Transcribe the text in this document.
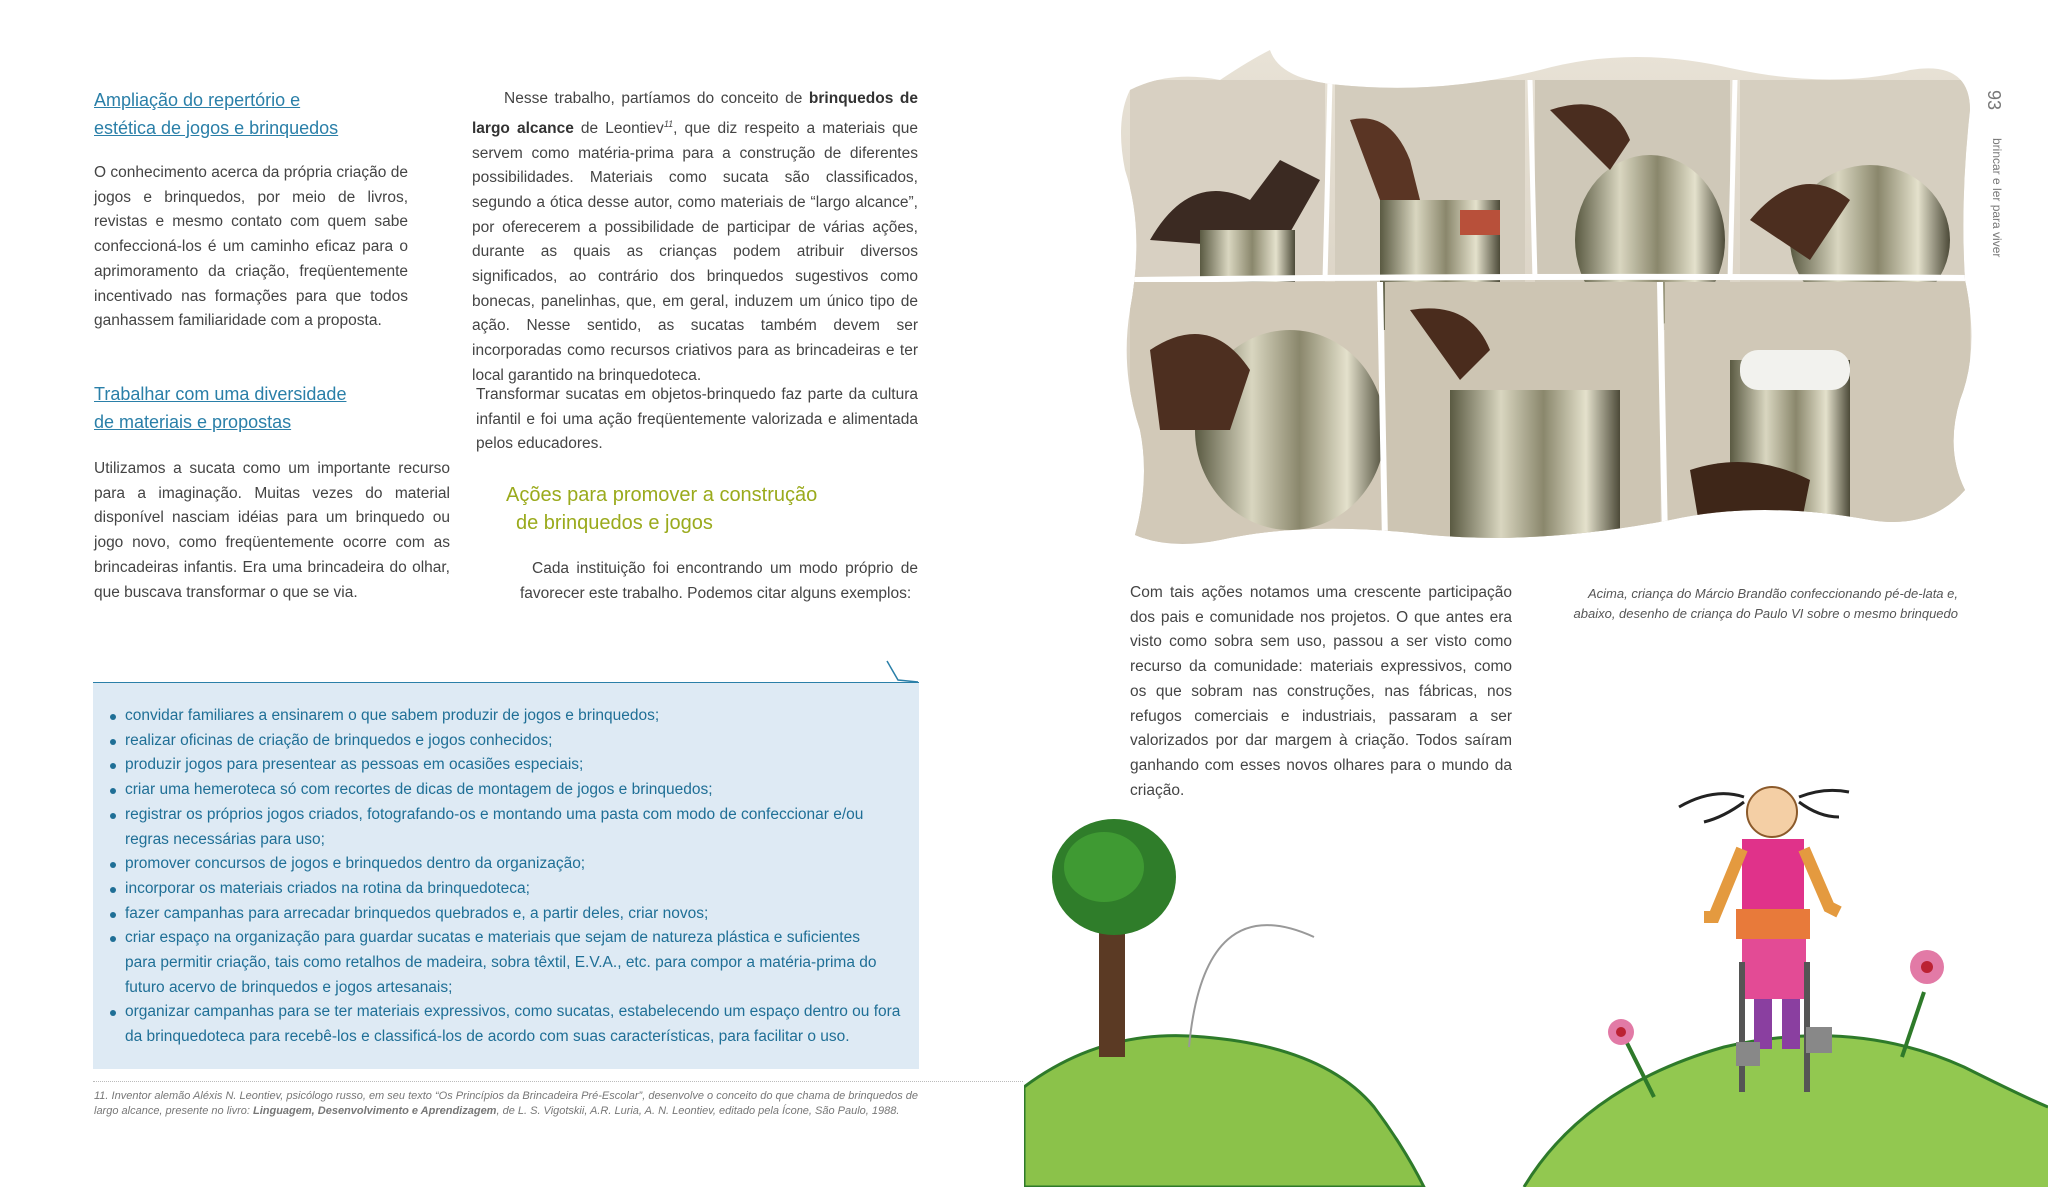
Ampliação do repertório e
estética de jogos e brinquedos
O conhecimento acerca da própria criação de jogos e brinquedos, por meio de livros, revistas e mesmo contato com quem sabe confeccioná-los é um caminho eficaz para o aprimoramento da criação, freqüentemente incentivado nas formações para que todos ganhassem familiaridade com a proposta.
Trabalhar com uma diversidade
de materiais e propostas
Utilizamos a sucata como um importante recurso para a imaginação. Muitas vezes do material disponível nasciam idéias para um brinquedo ou jogo novo, como freqüentemente ocorre com as brincadeiras infantis. Era uma brincadeira do olhar, que buscava transformar o que se via.
Nesse trabalho, partíamos do conceito de brinquedos de largo alcance de Leontiev$^{11}$, que diz respeito a materiais que servem como matéria-prima para a construção de diferentes possibilidades. Materiais como sucata são classificados, segundo a ótica desse autor, como materiais de “largo alcance”, por oferecerem a possibilidade de participar de várias ações, durante as quais as crianças podem atribuir diversos significados, ao contrário dos brinquedos sugestivos como bonecas, panelinhas, que, em geral, induzem um único tipo de ação. Nesse sentido, as sucatas também devem ser incorporadas como recursos criativos para as brincadeiras e ter local garantido na brinquedoteca.
Transformar sucatas em objetos-brinquedo faz parte da cultura infantil e foi uma ação freqüentemente valorizada e alimentada pelos educadores.
Ações para promover a construção
de brinquedos e jogos
Cada instituição foi encontrando um modo próprio de favorecer este trabalho. Podemos citar alguns exemplos:
convidar familiares a ensinarem o que sabem produzir de jogos e brinquedos;
realizar oficinas de criação de brinquedos e jogos conhecidos;
produzir jogos para presentear as pessoas em ocasiões especiais;
criar uma hemeroteca só com recortes de dicas de montagem de jogos e brinquedos;
registrar os próprios jogos criados, fotografando-os e montando uma pasta com modo de confeccionar e/ou regras necessárias para uso;
promover concursos de jogos e brinquedos dentro da organização;
incorporar os materiais criados na rotina da brinquedoteca;
fazer campanhas para arrecadar brinquedos quebrados e, a partir deles, criar novos;
criar espaço na organização para guardar sucatas e materiais que sejam de natureza plástica e suficientes para permitir criação, tais como retalhos de madeira, sobra têxtil, E.V.A., etc. para compor a matéria-prima do futuro acervo de brinquedos e jogos artesanais;
organizar campanhas para se ter materiais expressivos, como sucatas, estabelecendo um espaço dentro ou fora da brinquedoteca para recebê-los e classificá-los de acordo com suas características, para facilitar o uso.
11. Inventor alemão Aléxis N. Leontiev, psicólogo russo, em seu texto “Os Princípios da Brincadeira Pré-Escolar”, desenvolve o conceito do que chama de brinquedos de largo alcance, presente no livro: Linguagem, Desenvolvimento e Aprendizagem, de L. S. Vigotskii, A.R. Luria, A. N. Leontiev, editado pela Ícone, São Paulo, 1988.
93
brincar e ler para viver
Com tais ações notamos uma crescente participação dos pais e comunidade nos projetos. O que antes era visto como sobra sem uso, passou a ser visto como recurso da comunidade: materiais expressivos, como os que sobram nas construções, nas fábricas, nos refugos comerciais e industriais, passaram a ser valorizados por dar margem à criação. Todos saíram ganhando com esses novos olhares para o mundo da criação.
Acima, criança do Márcio Brandão confeccionando pé-de-lata e,
abaixo, desenho de criança do Paulo VI sobre o mesmo brinquedo
